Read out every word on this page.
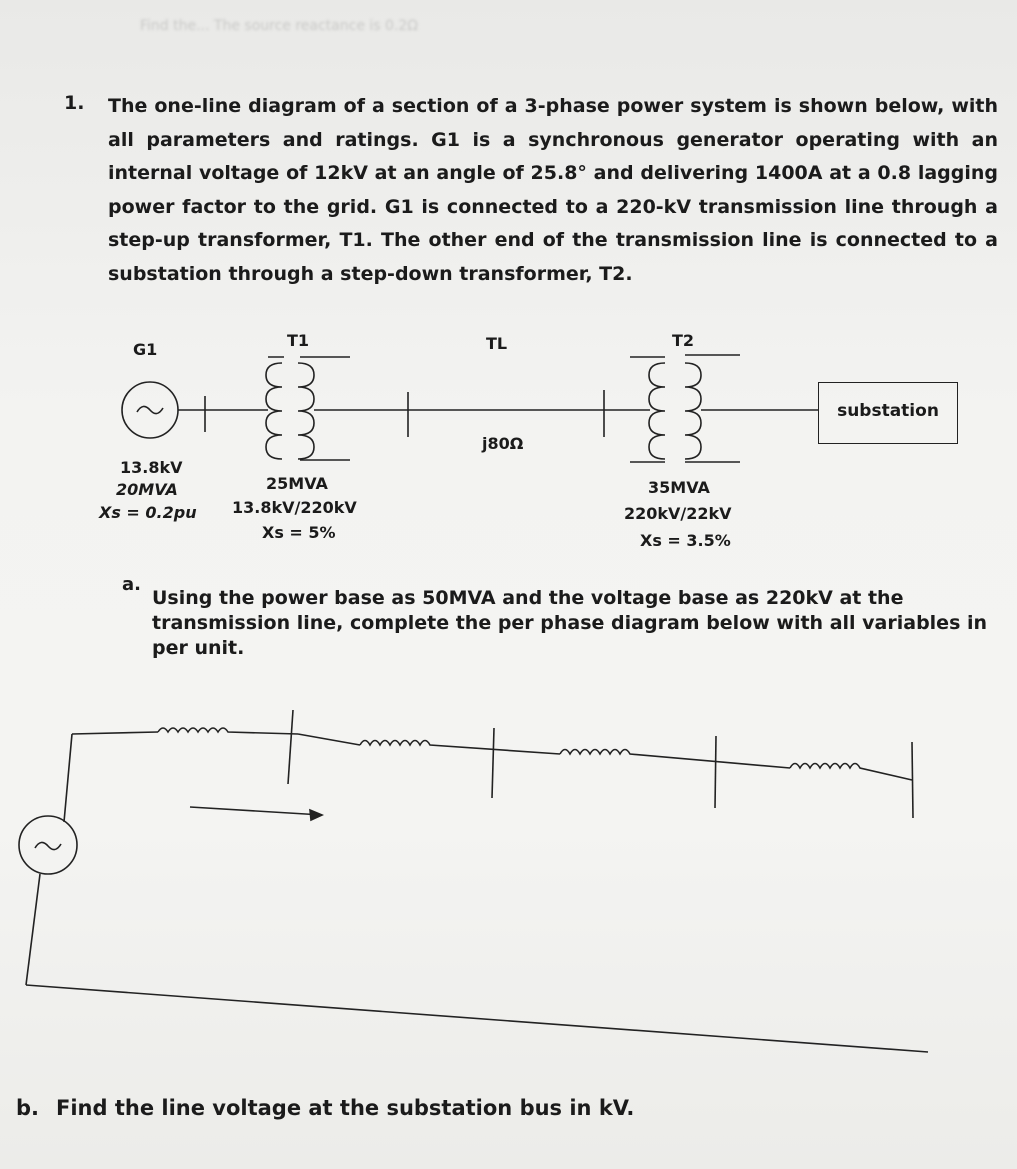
Find the... The source reactance is 0.2Ω
1. The one-line diagram of a section of a 3-phase power system is shown below, with all parameters and ratings. G1 is a synchronous generator operating with an internal voltage of 12kV at an angle of 25.8° and delivering 1400A at a 0.8 lagging power factor to the grid. G1 is connected to a 220-kV transmission line through a step-up transformer, T1. The other end of the transmission line is connected to a substation through a step-down transformer, T2.
G1	T1	TL	T2
j80Ω
13.8kV
20MVA
Xs = 0.2pu
25MVA
13.8kV/220kV
Xs = 5%
35MVA
220kV/22kV
Xs = 3.5%
substation
a.
Using the power base as 50MVA and the voltage base as 220kV at the transmission line, complete the per phase diagram below with all variables in per unit.
b. Find the line voltage at the substation bus in kV.
